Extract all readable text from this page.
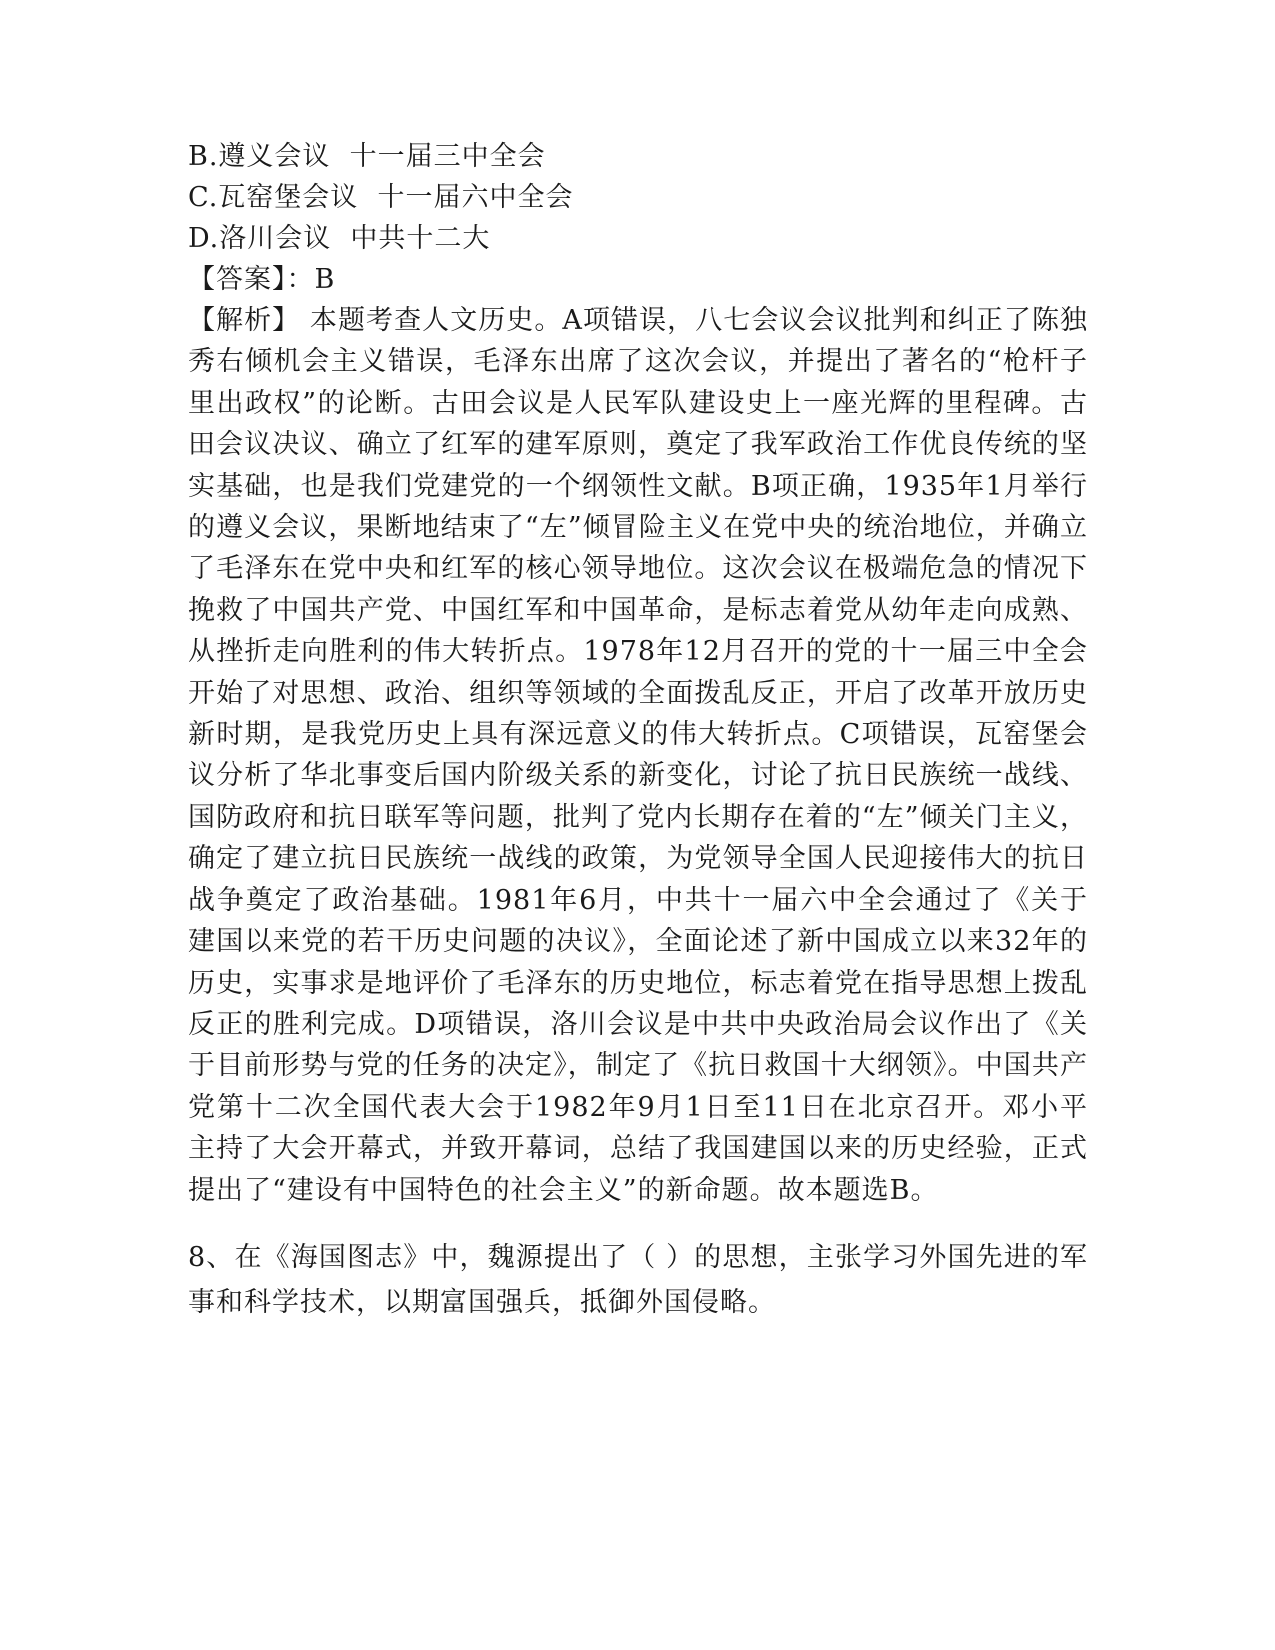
B.遵义会议  十一届三中全会
C.瓦窑堡会议  十一届六中全会
D.洛川会议  中共十二大
【答案】：B
【解析】 本题考查人文历史。A项错误，八七会议会议批判和纠正了陈独秀右倾机会主义错误，毛泽东出席了这次会议，并提出了著名的“枪杆子里出政权”的论断。古田会议是人民军队建设史上一座光辉的里程碑。古田会议决议、确立了红军的建军原则，奠定了我军政治工作优良传统的坚实基础，也是我们党建党的一个纲领性文献。B项正确，1935年1月举行的遵义会议，果断地结束了“左”倾冒险主义在党中央的统治地位，并确立了毛泽东在党中央和红军的核心领导地位。这次会议在极端危急的情况下挽救了中国共产党、中国红军和中国革命，是标志着党从幼年走向成熟、从挫折走向胜利的伟大转折点。1978年12月召开的党的十一届三中全会开始了对思想、政治、组织等领域的全面拨乱反正，开启了改革开放历史新时期，是我党历史上具有深远意义的伟大转折点。C项错误，瓦窑堡会议分析了华北事变后国内阶级关系的新变化，讨论了抗日民族统一战线、国防政府和抗日联军等问题，批判了党内长期存在着的“左”倾关门主义，确定了建立抗日民族统一战线的政策，为党领导全国人民迎接伟大的抗日战争奠定了政治基础。1981年6月，中共十一届六中全会通过了《关于建国以来党的若干历史问题的决议》，全面论述了新中国成立以来32年的历史，实事求是地评价了毛泽东的历史地位，标志着党在指导思想上拨乱反正的胜利完成。D项错误，洛川会议是中共中央政治局会议作出了《关于目前形势与党的任务的决定》，制定了《抗日救国十大纲领》。中国共产党第十二次全国代表大会于1982年9月1日至11日在北京召开。邓小平主持了大会开幕式，并致开幕词，总结了我国建国以来的历史经验，正式提出了“建设有中国特色的社会主义”的新命题。故本题选B。
8、在《海国图志》中，魏源提出了（ ）的思想，主张学习外国先进的军事和科学技术，以期富国强兵，抵御外国侵略。
